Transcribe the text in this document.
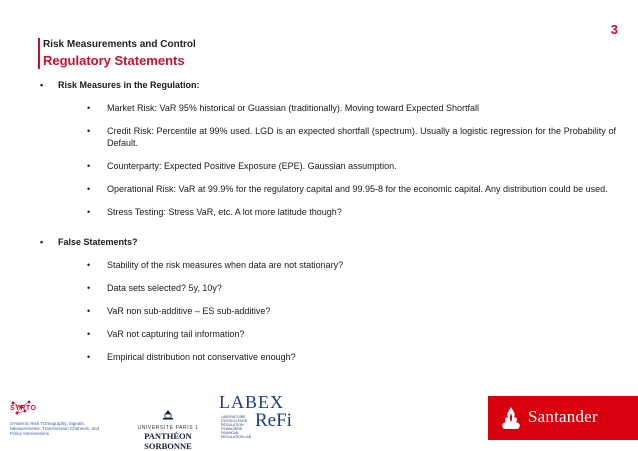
3
Risk Measurements and Control
Regulatory Statements
•	Risk Measures in the Regulation:
•	Market Risk: VaR 95% historical or Guassian (traditionally). Moving toward Expected Shortfall
•	Credit Risk: Percentile at 99% used. LGD is an expected shortfall (spectrum). Usually a logistic regression for the Probability of Default.
•	Counterparty: Expected Positive Exposure (EPE). Gaussian assumption.
•	Operational Risk: VaR at 99.9% for the regulatory capital and 99.95-8 for the economic capital. Any distribution could be used.
•	Stress Testing: Stress VaR, etc. A lot more latitude though?
•	False Statements?
•	Stability of the risk measures when data are not stationary?
•	Data sets selected? 5y, 10y?
•	VaR non sub-additive – ES sub-additive?
•	VaR not capturing tail information?
•	Empirical distribution not conservative enough?
SYRTO
SYstemic Risk TOmography: Signals, Measurements, Transmission Channels, and Policy Interventions
UNIVERSITÉ PARIS 1
PANTHÉON SORBONNE
LABEX
LABORATOIRE D'EXCELLENCE RÉGULATION FINANCIÈRE FINANCIAL REGULATION LAB
ReFi	Santander
